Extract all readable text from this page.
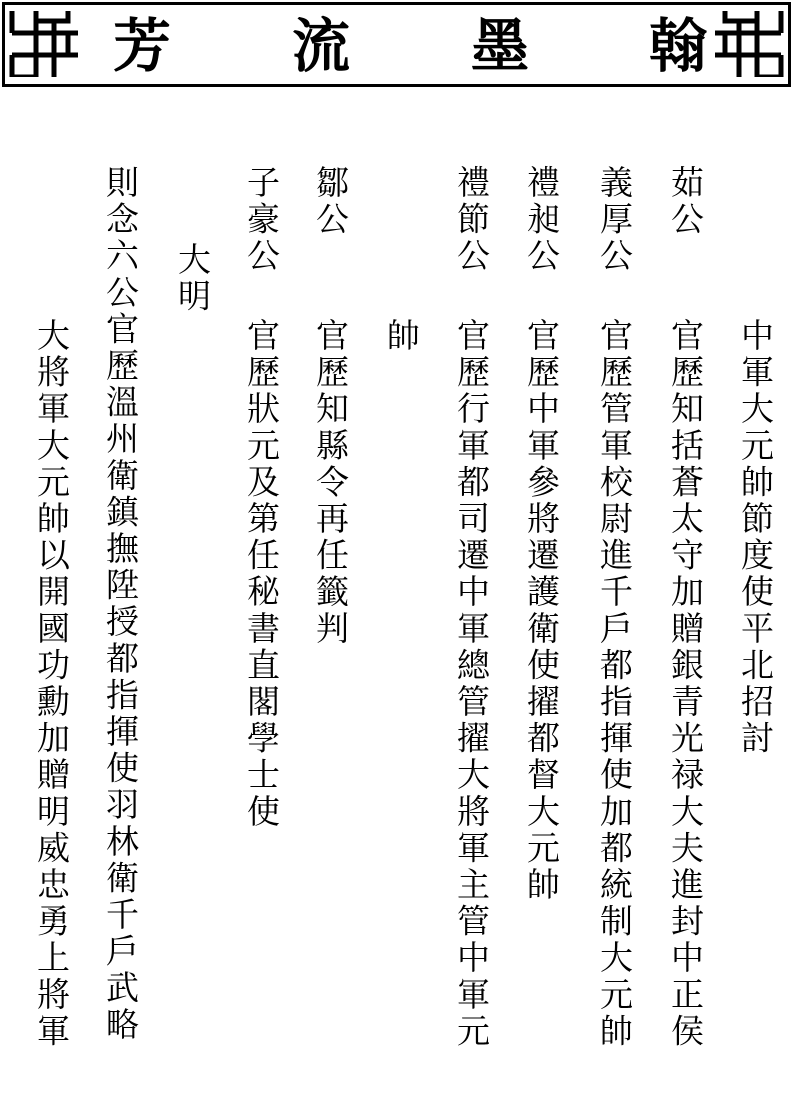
芳 流 墨 翰
中軍大元帥節度使平北招討
茹公
官歷知括蒼太守加贈銀青光禄大夫進封中正侯
義厚公
官歷管軍校尉進千戶都指揮使加都統制大元帥
禮昶公
官歷中軍參將遷護衛使擢都督大元帥
禮節公
官歷行軍都司遷中軍總管擢大將軍主管中軍元
帥
鄒公
官歷知縣令再任籤判
子豪公
官歷狀元及第任秘書直閣學士使
大明
則念六公官歷溫州衛鎮撫陞授都指揮使羽林衛千戶武略
大將軍大元帥以開國功勳加贈明威忠勇上將軍
